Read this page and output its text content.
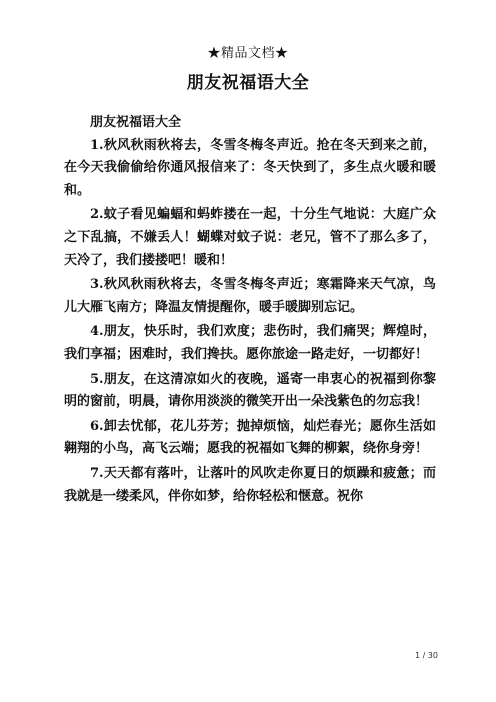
★精品文档★
朋友祝福语大全

朋友祝福语大全

1.秋风秋雨秋将去，冬雪冬梅冬声近。抢在冬天到来之前，在今天我偷偷给你通风报信来了：冬天快到了，多生点火暖和暖和。

2.蚊子看见蝙蝠和蚂蚱搂在一起，十分生气地说：大庭广众之下乱搞，不嫌丢人！蝴蝶对蚊子说：老兄，管不了那么多了，天冷了，我们搂搂吧！暖和！

3.秋风秋雨秋将去，冬雪冬梅冬声近；寒霜降来天气凉，鸟儿大雁飞南方；降温友情提醒你，暖手暖脚别忘记。

4.朋友，快乐时，我们欢度；悲伤时，我们痛哭；辉煌时，我们享福；困难时，我们搀扶。愿你旅途一路走好，一切都好！

5.朋友，在这清凉如火的夜晚，遥寄一串衷心的祝福到你黎明的窗前，明晨，请你用淡淡的微笑开出一朵浅紫色的勿忘我！

6.卸去忧郁，花儿芬芳；抛掉烦恼，灿烂春光；愿你生活如翱翔的小鸟，高飞云端；愿我的祝福如飞舞的柳絮，绕你身旁！

7.天天都有落叶，让落叶的风吹走你夏日的烦躁和疲惫；而我就是一缕柔风，伴你如梦，给你轻松和惬意。祝你

1 / 30
